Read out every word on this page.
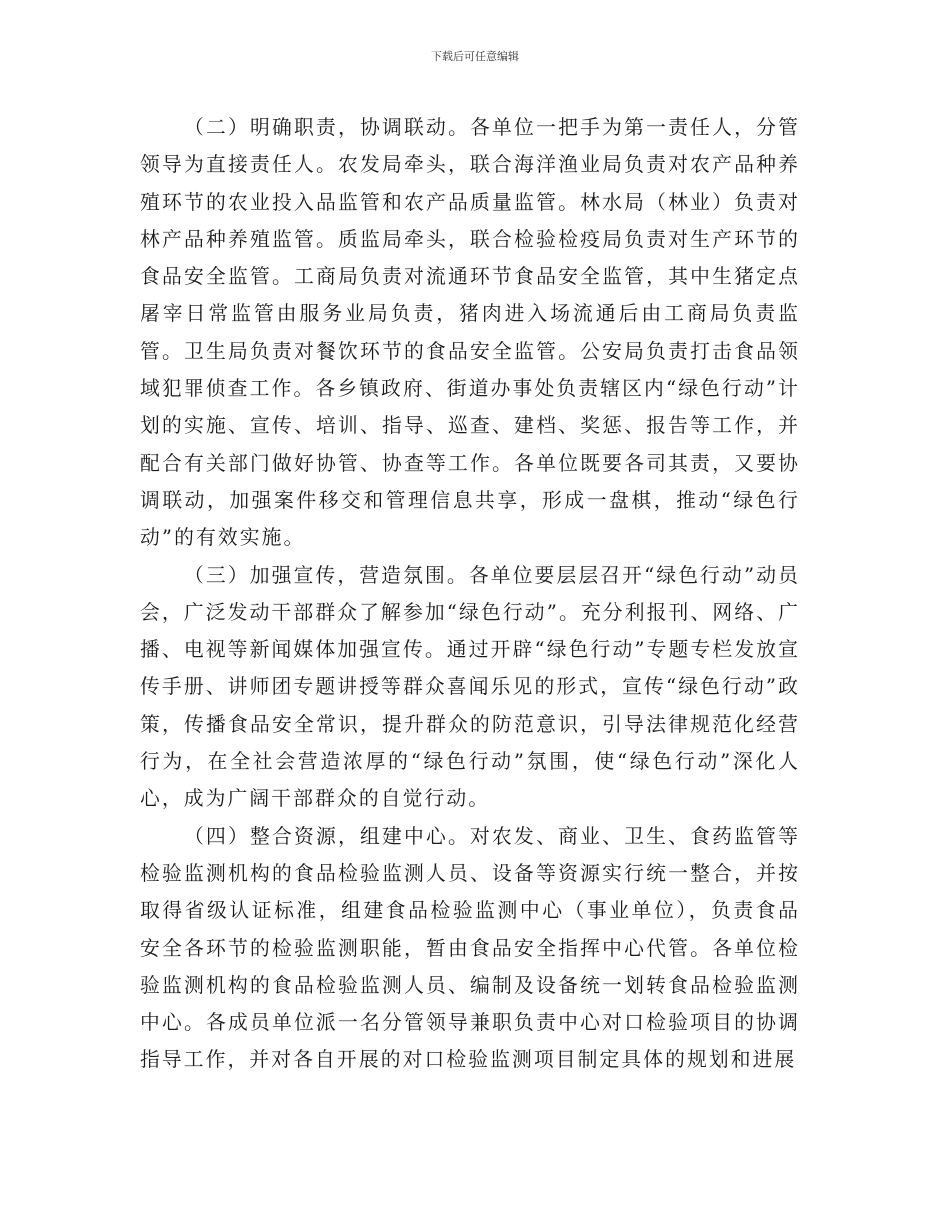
下载后可任意编辑

（二）明确职责，协调联动。各单位一把手为第一责任人，分管领导为直接责任人。农发局牵头，联合海洋渔业局负责对农产品种养殖环节的农业投入品监管和农产品质量监管。林水局（林业）负责对林产品种养殖监管。质监局牵头，联合检验检疫局负责对生产环节的食品安全监管。工商局负责对流通环节食品安全监管，其中生猪定点屠宰日常监管由服务业局负责，猪肉进入场流通后由工商局负责监管。卫生局负责对餐饮环节的食品安全监管。公安局负责打击食品领域犯罪侦查工作。各乡镇政府、街道办事处负责辖区内“绿色行动”计划的实施、宣传、培训、指导、巡查、建档、奖惩、报告等工作，并配合有关部门做好协管、协查等工作。各单位既要各司其责，又要协调联动，加强案件移交和管理信息共享，形成一盘棋，推动“绿色行动”的有效实施。

（三）加强宣传，营造氛围。各单位要层层召开“绿色行动”动员会，广泛发动干部群众了解参加“绿色行动”。充分利报刊、网络、广播、电视等新闻媒体加强宣传。通过开辟“绿色行动”专题专栏发放宣传手册、讲师团专题讲授等群众喜闻乐见的形式，宣传“绿色行动”政策，传播食品安全常识，提升群众的防范意识，引导法律规范化经营行为，在全社会营造浓厚的“绿色行动”氛围，使“绿色行动”深化人心，成为广阔干部群众的自觉行动。

（四）整合资源，组建中心。对农发、商业、卫生、食药监管等检验监测机构的食品检验监测人员、设备等资源实行统一整合，并按取得省级认证标准，组建食品检验监测中心（事业单位），负责食品安全各环节的检验监测职能，暂由食品安全指挥中心代管。各单位检验监测机构的食品检验监测人员、编制及设备统一划转食品检验监测中心。各成员单位派一名分管领导兼职负责中心对口检验项目的协调指导工作，并对各自开展的对口检验监测项目制定具体的规划和进展
